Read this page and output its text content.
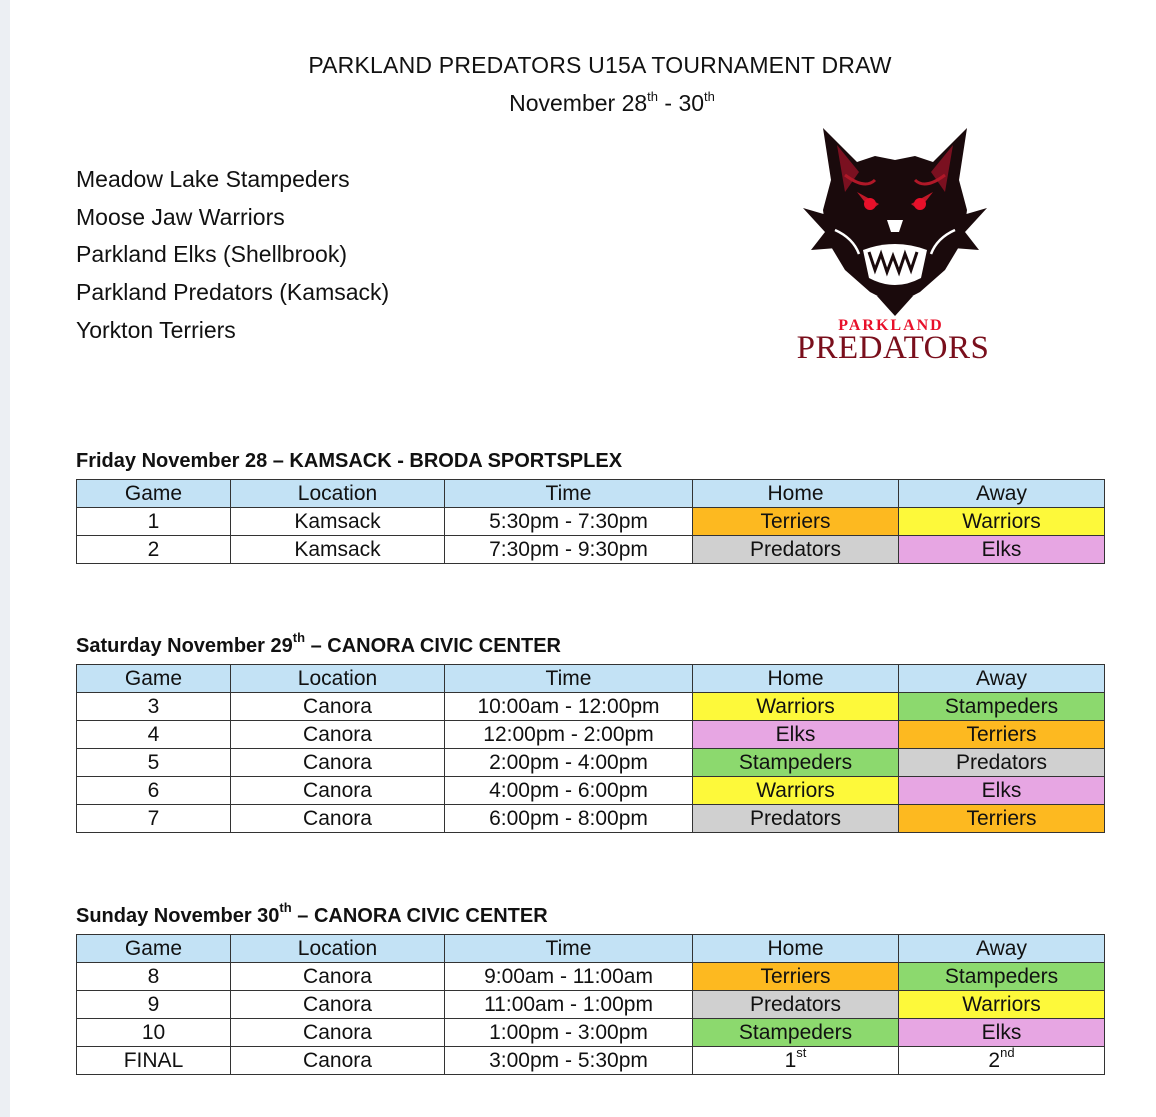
PARKLAND PREDATORS U15A TOURNAMENT DRAW
November 28th - 30th
Meadow Lake Stampeders
Moose Jaw Warriors
Parkland Elks (Shellbrook)
Parkland Predators (Kamsack)
Yorkton Terriers	PARKLAND
PREDATORS
Friday November 28 – KAMSACK - BRODA SPORTSPLEX
Game	Location	Time	Home	Away
1	Kamsack	5:30pm - 7:30pm	Terriers	Warriors
2	Kamsack	7:30pm - 9:30pm	Predators	Elks
Saturday November 29th – CANORA CIVIC CENTER
Game	Location	Time	Home	Away
3	Canora	10:00am - 12:00pm	Warriors	Stampeders
4	Canora	12:00pm - 2:00pm	Elks	Terriers
5	Canora	2:00pm - 4:00pm	Stampeders	Predators
6	Canora	4:00pm - 6:00pm	Warriors	Elks
7	Canora	6:00pm - 8:00pm	Predators	Terriers
Sunday November 30th – CANORA CIVIC CENTER
Game	Location	Time	Home	Away
8	Canora	9:00am - 11:00am	Terriers	Stampeders
9	Canora	11:00am - 1:00pm	Predators	Warriors
10	Canora	1:00pm - 3:00pm	Stampeders	Elks
FINAL	Canora	3:00pm - 5:30pm	1st	2nd
